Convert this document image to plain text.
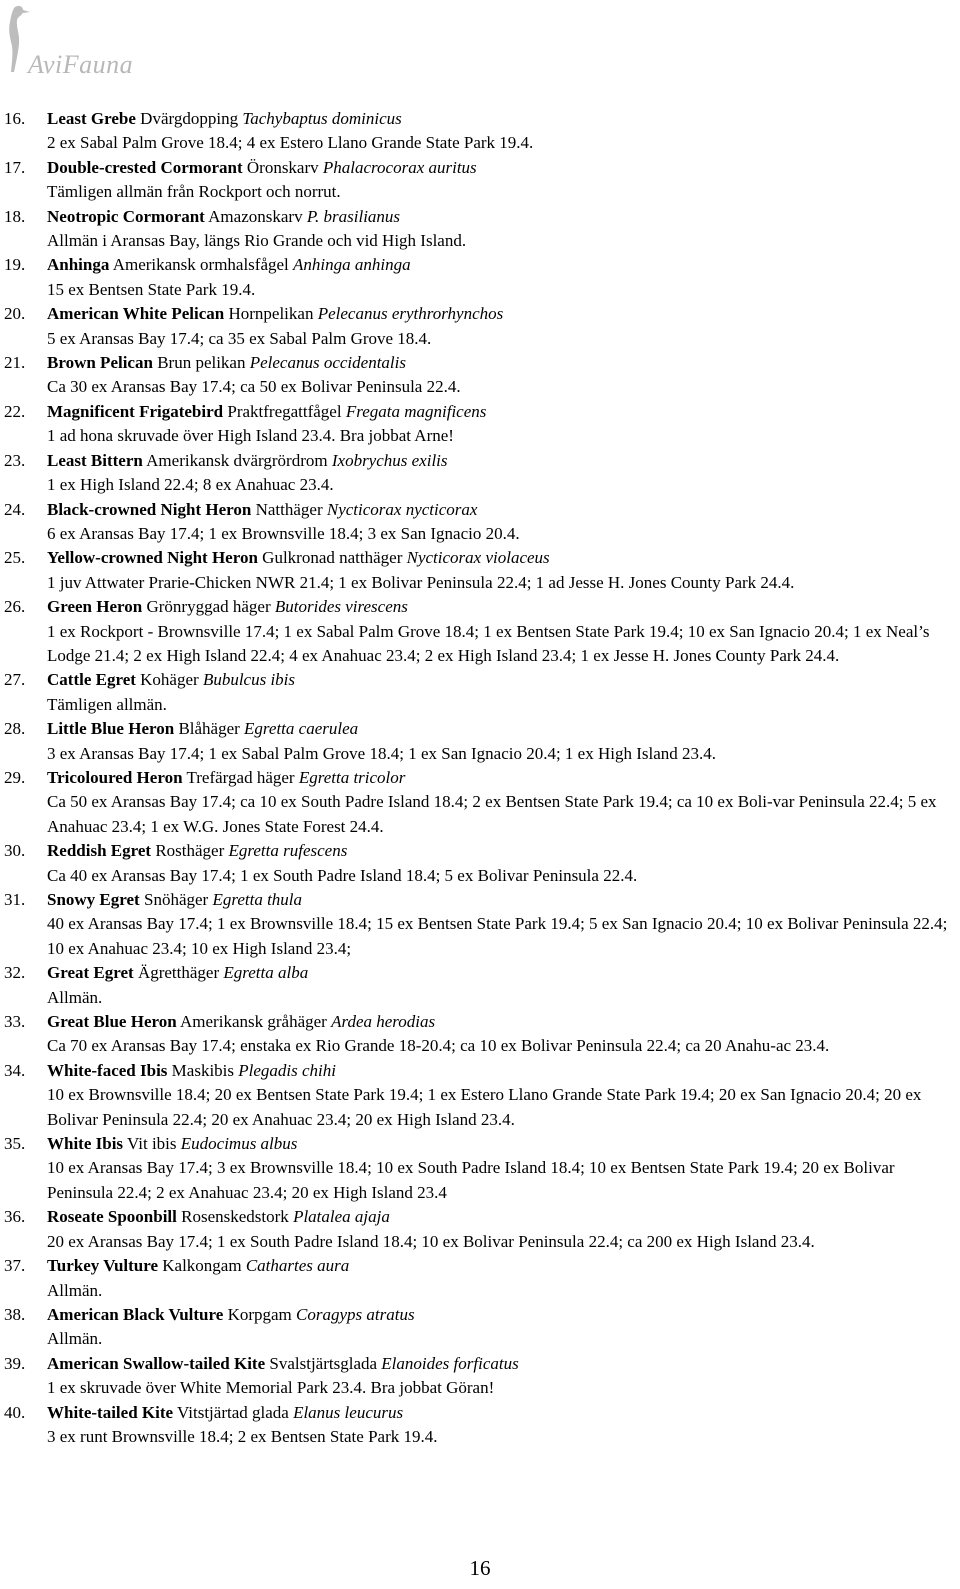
AviFauna
16. Least Grebe Dvärgdopping Tachybaptus dominicus
2 ex Sabal Palm Grove 18.4; 4 ex Estero Llano Grande State Park 19.4.
17. Double-crested Cormorant Öronskarv Phalacrocorax auritus
Tämligen allmän från Rockport och norrut.
18. Neotropic Cormorant Amazonskarv P. brasilianus
Allmän i Aransas Bay, längs Rio Grande och vid High Island.
19. Anhinga Amerikansk ormhalsfågel Anhinga anhinga
15 ex Bentsen State Park 19.4.
20. American White Pelican Hornpelikan Pelecanus erythrorhynchos
5 ex Aransas Bay 17.4; ca 35 ex Sabal Palm Grove 18.4.
21. Brown Pelican Brun pelikan Pelecanus occidentalis
Ca 30 ex Aransas Bay 17.4; ca 50 ex Bolivar Peninsula 22.4.
22. Magnificent Frigatebird Praktfregattfågel Fregata magnificens
1 ad hona skruvade över High Island 23.4. Bra jobbat Arne!
23. Least Bittern Amerikansk dvärgrördrom Ixobrychus exilis
1 ex High Island 22.4; 8 ex Anahuac 23.4.
24. Black-crowned Night Heron Natthäger Nycticorax nycticorax
6 ex Aransas Bay 17.4; 1 ex Brownsville 18.4; 3 ex San Ignacio 20.4.
25. Yellow-crowned Night Heron Gulkronad natthäger Nycticorax violaceus
1 juv Attwater Prarie-Chicken NWR 21.4; 1 ex Bolivar Peninsula 22.4; 1 ad Jesse H. Jones County Park 24.4.
26. Green Heron Grönryggad häger Butorides virescens
1 ex Rockport - Brownsville 17.4; 1 ex Sabal Palm Grove 18.4; 1 ex Bentsen State Park 19.4; 10 ex San Ignacio 20.4; 1 ex Neal’s Lodge 21.4; 2 ex High Island 22.4; 4 ex Anahuac 23.4; 2 ex High Island 23.4; 1 ex Jesse H. Jones County Park 24.4.
27. Cattle Egret Kohäger Bubulcus ibis
Tämligen allmän.
28. Little Blue Heron Blåhäger Egretta caerulea
3 ex Aransas Bay 17.4; 1 ex Sabal Palm Grove 18.4; 1 ex San Ignacio 20.4; 1 ex High Island 23.4.
29. Tricoloured Heron Trefärgad häger Egretta tricolor
Ca 50 ex Aransas Bay 17.4; ca 10 ex South Padre Island 18.4; 2 ex Bentsen State Park 19.4; ca 10 ex Boli-var Peninsula 22.4; 5 ex Anahuac 23.4; 1 ex W.G. Jones State Forest 24.4.
30. Reddish Egret Rosthäger Egretta rufescens
Ca 40 ex Aransas Bay 17.4; 1 ex South Padre Island 18.4; 5 ex Bolivar Peninsula 22.4.
31. Snowy Egret Snöhäger Egretta thula
40 ex Aransas Bay 17.4; 1 ex Brownsville 18.4; 15 ex Bentsen State Park 19.4; 5 ex San Ignacio 20.4; 10 ex Bolivar Peninsula 22.4; 10 ex Anahuac 23.4; 10 ex High Island 23.4;
32. Great Egret Ägretthäger Egretta alba
Allmän.
33. Great Blue Heron Amerikansk gråhäger Ardea herodias
Ca 70 ex Aransas Bay 17.4; enstaka ex Rio Grande 18-20.4; ca 10 ex Bolivar Peninsula 22.4; ca 20 Anahu-ac 23.4.
34. White-faced Ibis Maskibis Plegadis chihi
10 ex Brownsville 18.4; 20 ex Bentsen State Park 19.4; 1 ex Estero Llano Grande State Park 19.4; 20 ex San Ignacio 20.4; 20 ex Bolivar Peninsula 22.4; 20 ex Anahuac 23.4; 20 ex High Island 23.4.
35. White Ibis Vit ibis Eudocimus albus
10 ex Aransas Bay 17.4; 3 ex Brownsville 18.4; 10 ex South Padre Island 18.4; 10 ex Bentsen State Park 19.4; 20 ex Bolivar Peninsula 22.4; 2 ex Anahuac 23.4; 20 ex High Island 23.4
36. Roseate Spoonbill Rosenskedstork Platalea ajaja
20 ex Aransas Bay 17.4; 1 ex South Padre Island 18.4; 10 ex Bolivar Peninsula 22.4; ca 200 ex High Island 23.4.
37. Turkey Vulture Kalkongam Cathartes aura
Allmän.
38. American Black Vulture Korpgam Coragyps atratus
Allmän.
39. American Swallow-tailed Kite Svalstjärtsglada Elanoides forficatus
1 ex skruvade över White Memorial Park 23.4. Bra jobbat Göran!
40. White-tailed Kite Vitstjärtad glada Elanus leucurus
3 ex runt Brownsville 18.4; 2 ex Bentsen State Park 19.4.
16
